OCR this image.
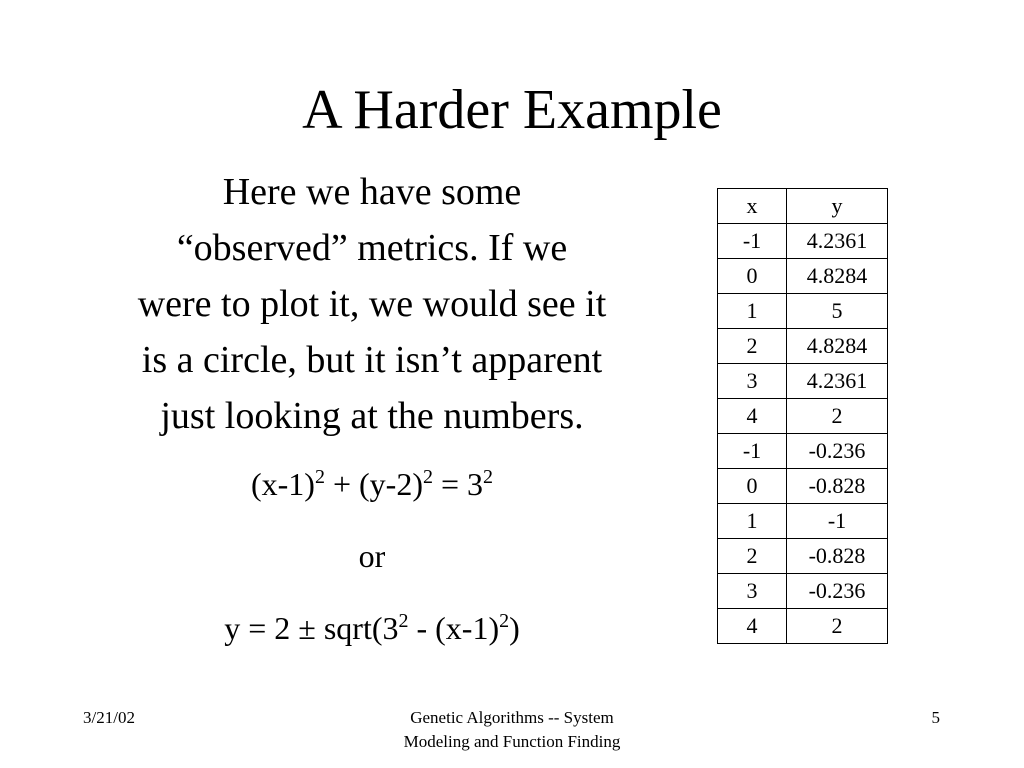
A Harder Example

Here we have some

“observed” metrics. If we

were to plot it, we would see it

is a circle, but it isn’t apparent

just looking at the numbers.

$(x-1)^2 + (y-2)^2 = 3^2$
or
$y = 2 \pm sqrt(3^2 - (x-1)^2)$
x	y
-1	4.2361
0	4.8284
1	5
2	4.8284
3	4.2361
4	2
-1	-0.236
0	-0.828
1	-1
2	-0.828
3	-0.236
4	2
3/21/02	Genetic Algorithms -- System
Modeling and Function Finding
5
